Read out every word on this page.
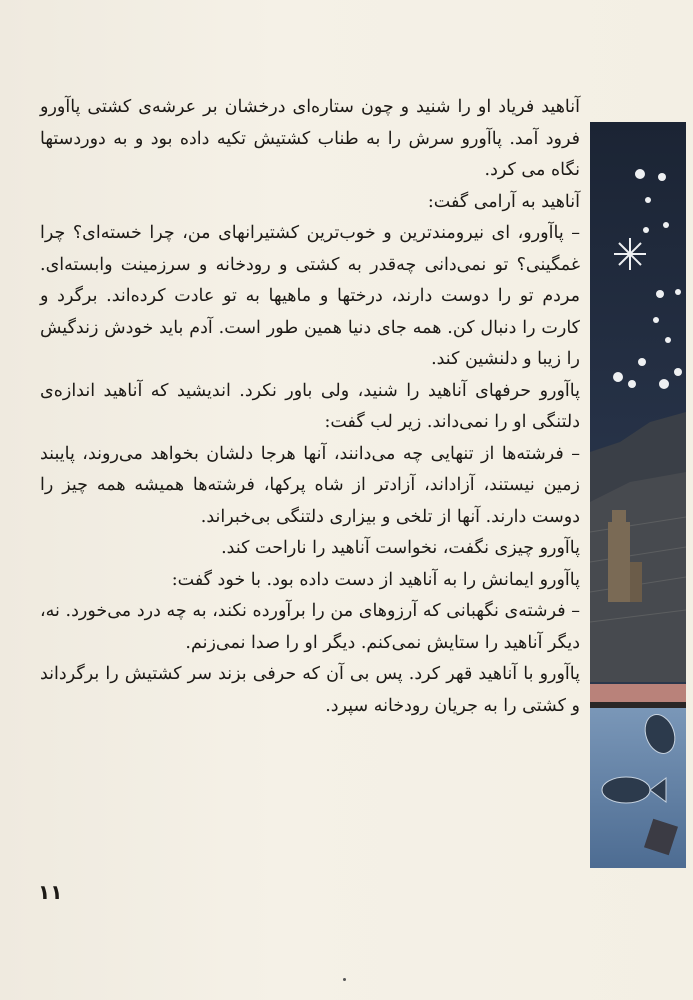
آناهید فریاد او را شنید و چون ستاره‌ای درخشان بر عرشه‌ی کشتی پاآورو فرود آمد. پاآورو سرش را به طناب کشتیش تکیه داده بود و به دوردستها نگاه می کرد.

آناهید به آرامی گفت:

– پاآورو، ای نیرومندترین و خوب‌ترین کشتیرانهای من، چرا خسته‌ای؟ چرا غمگینی؟ تو نمی‌دانی چه‌قدر به کشتی و رودخانه و سرزمینت وابسته‌ای. مردم تو را دوست دارند، درختها و ماهیها به تو عادت کرده‌اند. برگرد و کارت را دنبال کن. همه جای دنیا همین طور است. آدم باید خودش زندگیش را زیبا و دلنشین کند.

پاآورو حرفهای آناهید را شنید، ولی باور نکرد. اندیشید که آناهید اندازه‌ی دلتنگی او را نمی‌داند. زیر لب گفت:

– فرشته‌ها از تنهایی چه می‌دانند، آنها هرجا دلشان بخواهد می‌روند، پایبند زمین نیستند، آزاداند، آزادتر از شاه پرکها، فرشته‌ها همیشه همه چیز را دوست دارند. آنها از تلخی و بیزاری دلتنگی بی‌خبراند.

پاآورو چیزی نگفت، نخواست آناهید را ناراحت کند.

پاآورو ایمانش را به آناهید از دست داده بود. با خود گفت:

– فرشته‌ی نگهبانی که آرزوهای من را برآورده نکند، به چه درد می‌خورد. نه، دیگر آناهید را ستایش نمی‌کنم. دیگر او را صدا نمی‌زنم.

پاآورو با آناهید قهر کرد. پس بی آن که حرفی بزند سر کشتیش را برگرداند و کشتی را به جریان رودخانه سپرد.

۱۱
